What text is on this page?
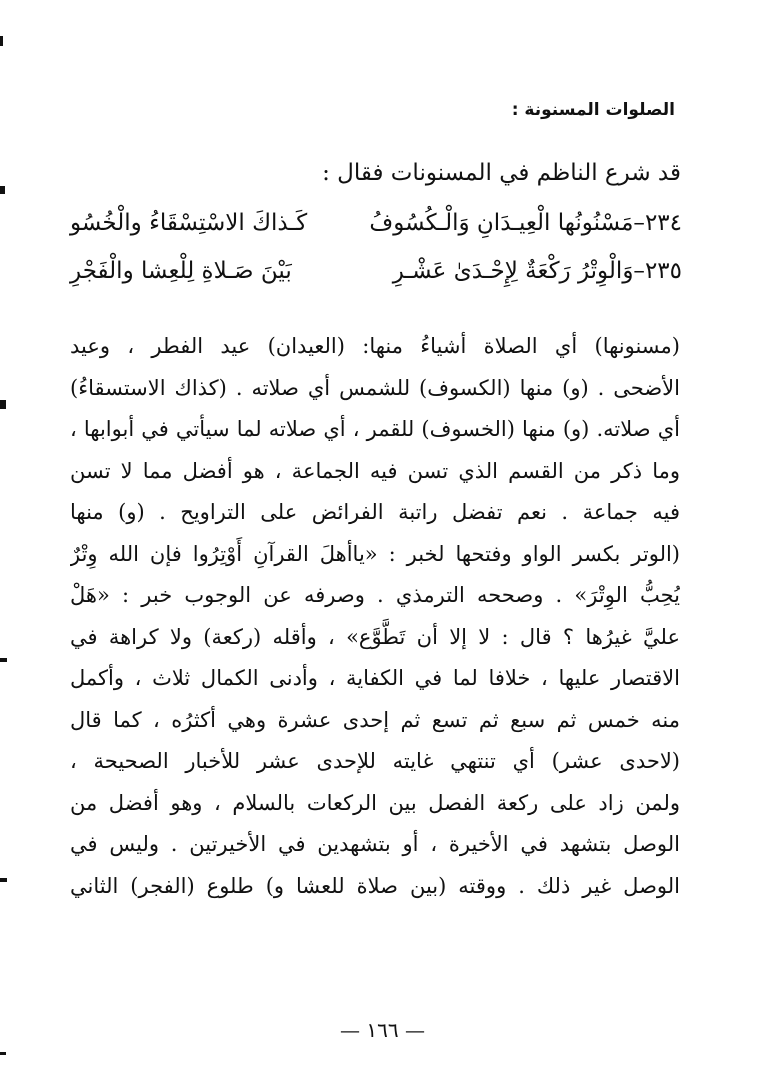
الصلوات المسنونة :
قد شرع الناظم في المسنونات فقال :
٢٣٤–مَسْنُونُها الْعِيـدَانِ وَالْـكُسُوفُ
كَـذاكَ الاسْتِسْقَاءُ والْخُسُو
٢٣٥–وَالْوِتْرُ رَكْعَةٌ لِإِحْـدَىٰ عَشْـرِ
بَيْنَ صَـلاةِ لِلْعِشا والْفَجْرِ
(مسنونها) أي الصلاة أشياءُ منها: (العيدان) عيد الفطر ، وعيد
الأضحى . (و) منها (الكسوف) للشمس أي صلاته . (كذاك الاستسقاءُ)
أي صلاته. (و) منها (الخسوف) للقمر ، أي صلاته لما سيأتي في أبوابها ،
وما ذكر من القسم الذي تسن فيه الجماعة ، هو أفضل مما لا تسن
فيه جماعة . نعم تفضل راتبة الفرائض على التراويح . (و) منها
(الوتر بكسر الواو وفتحها لخبر : «ياأهلَ القرآنِ أَوْتِرُوا فإن الله وِتْرٌ
يُحِبُّ الوِتْرَ» . وصححه الترمذي . وصرفه عن الوجوب خبر : «هَلْ
عليَّ غيرُها ؟ قال : لا إلا أن تَطَّوَّع» ، وأقله (ركعة) ولا كراهة في
الاقتصار عليها ، خلافا لما في الكفاية ، وأدنى الكمال ثلاث ، وأكمل
منه خمس ثم سبع ثم تسع ثم إحدى عشرة وهي أكثرُه ، كما قال
(لاحدى عشر) أي تنتهي غايته للإحدى عشر للأخبار الصحيحة ،
ولمن زاد على ركعة الفصل بين الركعات بالسلام ، وهو أفضل من
الوصل بتشهد في الأخيرة ، أو بتشهدين في الأخيرتين . وليس في
الوصل غير ذلك . ووقته (بين صلاة للعشا و) طلوع (الفجر) الثاني
— ١٦٦ —
